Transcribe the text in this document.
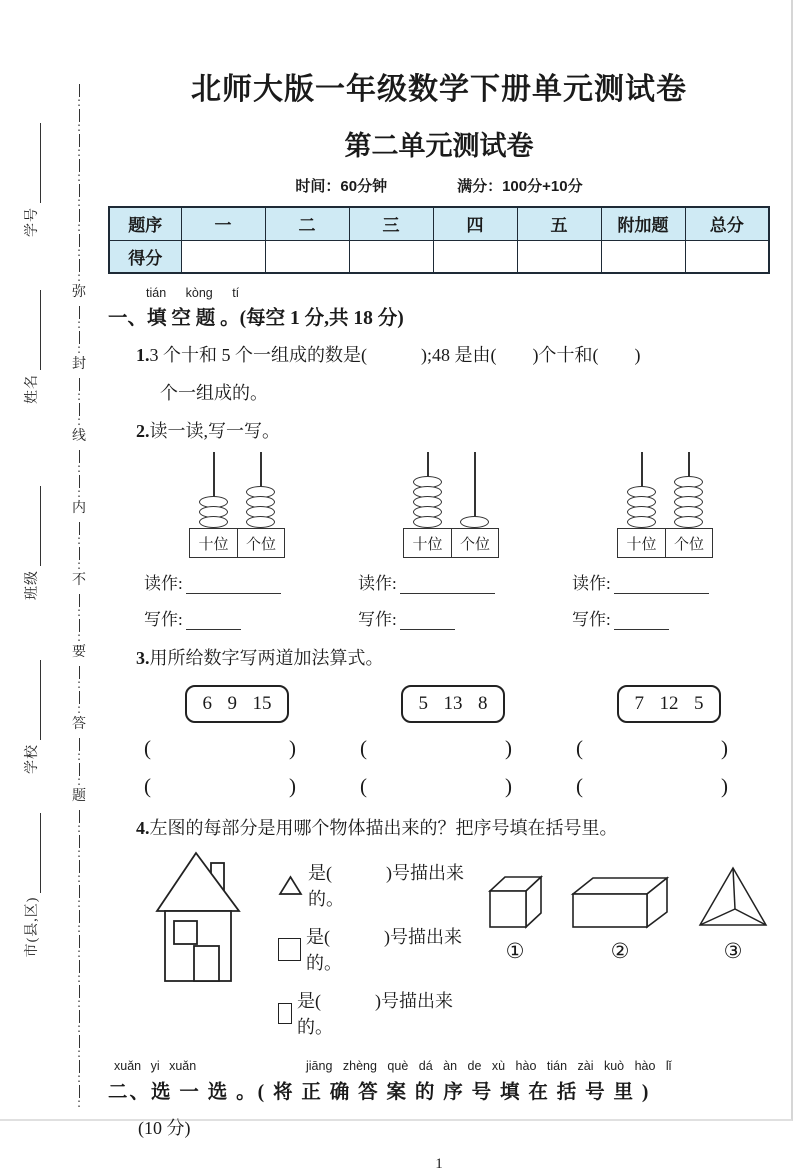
:
:
:
:
:
:
:
:
弥
:
:
封
:
:
线
:
:
内
:
:
不
:
:
要
:
:
答
:
:
题
:
:
:
:
:
:
:
:
:
:
:
:
学号
姓名
班级
学校
市(县,区)
北师大版一年级数学下册单元测试卷
第二单元测试卷
时间：60分钟	满分：100分+10分
题序	一	二	三	四	五	附加题	总分
得分							
tián kòng tí
一、填 空 题 。(每空 1 分,共 18 分)

1.3 个十和 5 个一组成的数是(　　　);48 是由(　　)个十和(　　)

个一组成的。

2.读一读,写一写。

十位	个位
读作:
写作:
十位	个位
读作:
写作:
十位	个位
读作:
写作:

3.用所给数字写两道加法算式。

6 9 15
(	)
(	)
5 13 8
(	)
(	)
7 12 5
(	)
(	)

4.左图的每部分是用哪个物体描出来的？把序号填在括号里。

是(　　　)号描出来的。
是(　　　)号描出来的。
是(　　　)号描出来的。
①	②	③
xuǎn yi xuǎn	jiāng zhèng què dá àn de xù hào tián zài kuò hào lǐ
二、选 一 选 。( 将 正 确 答 案 的 序 号 填 在 括 号 里 )

(10 分)

1
